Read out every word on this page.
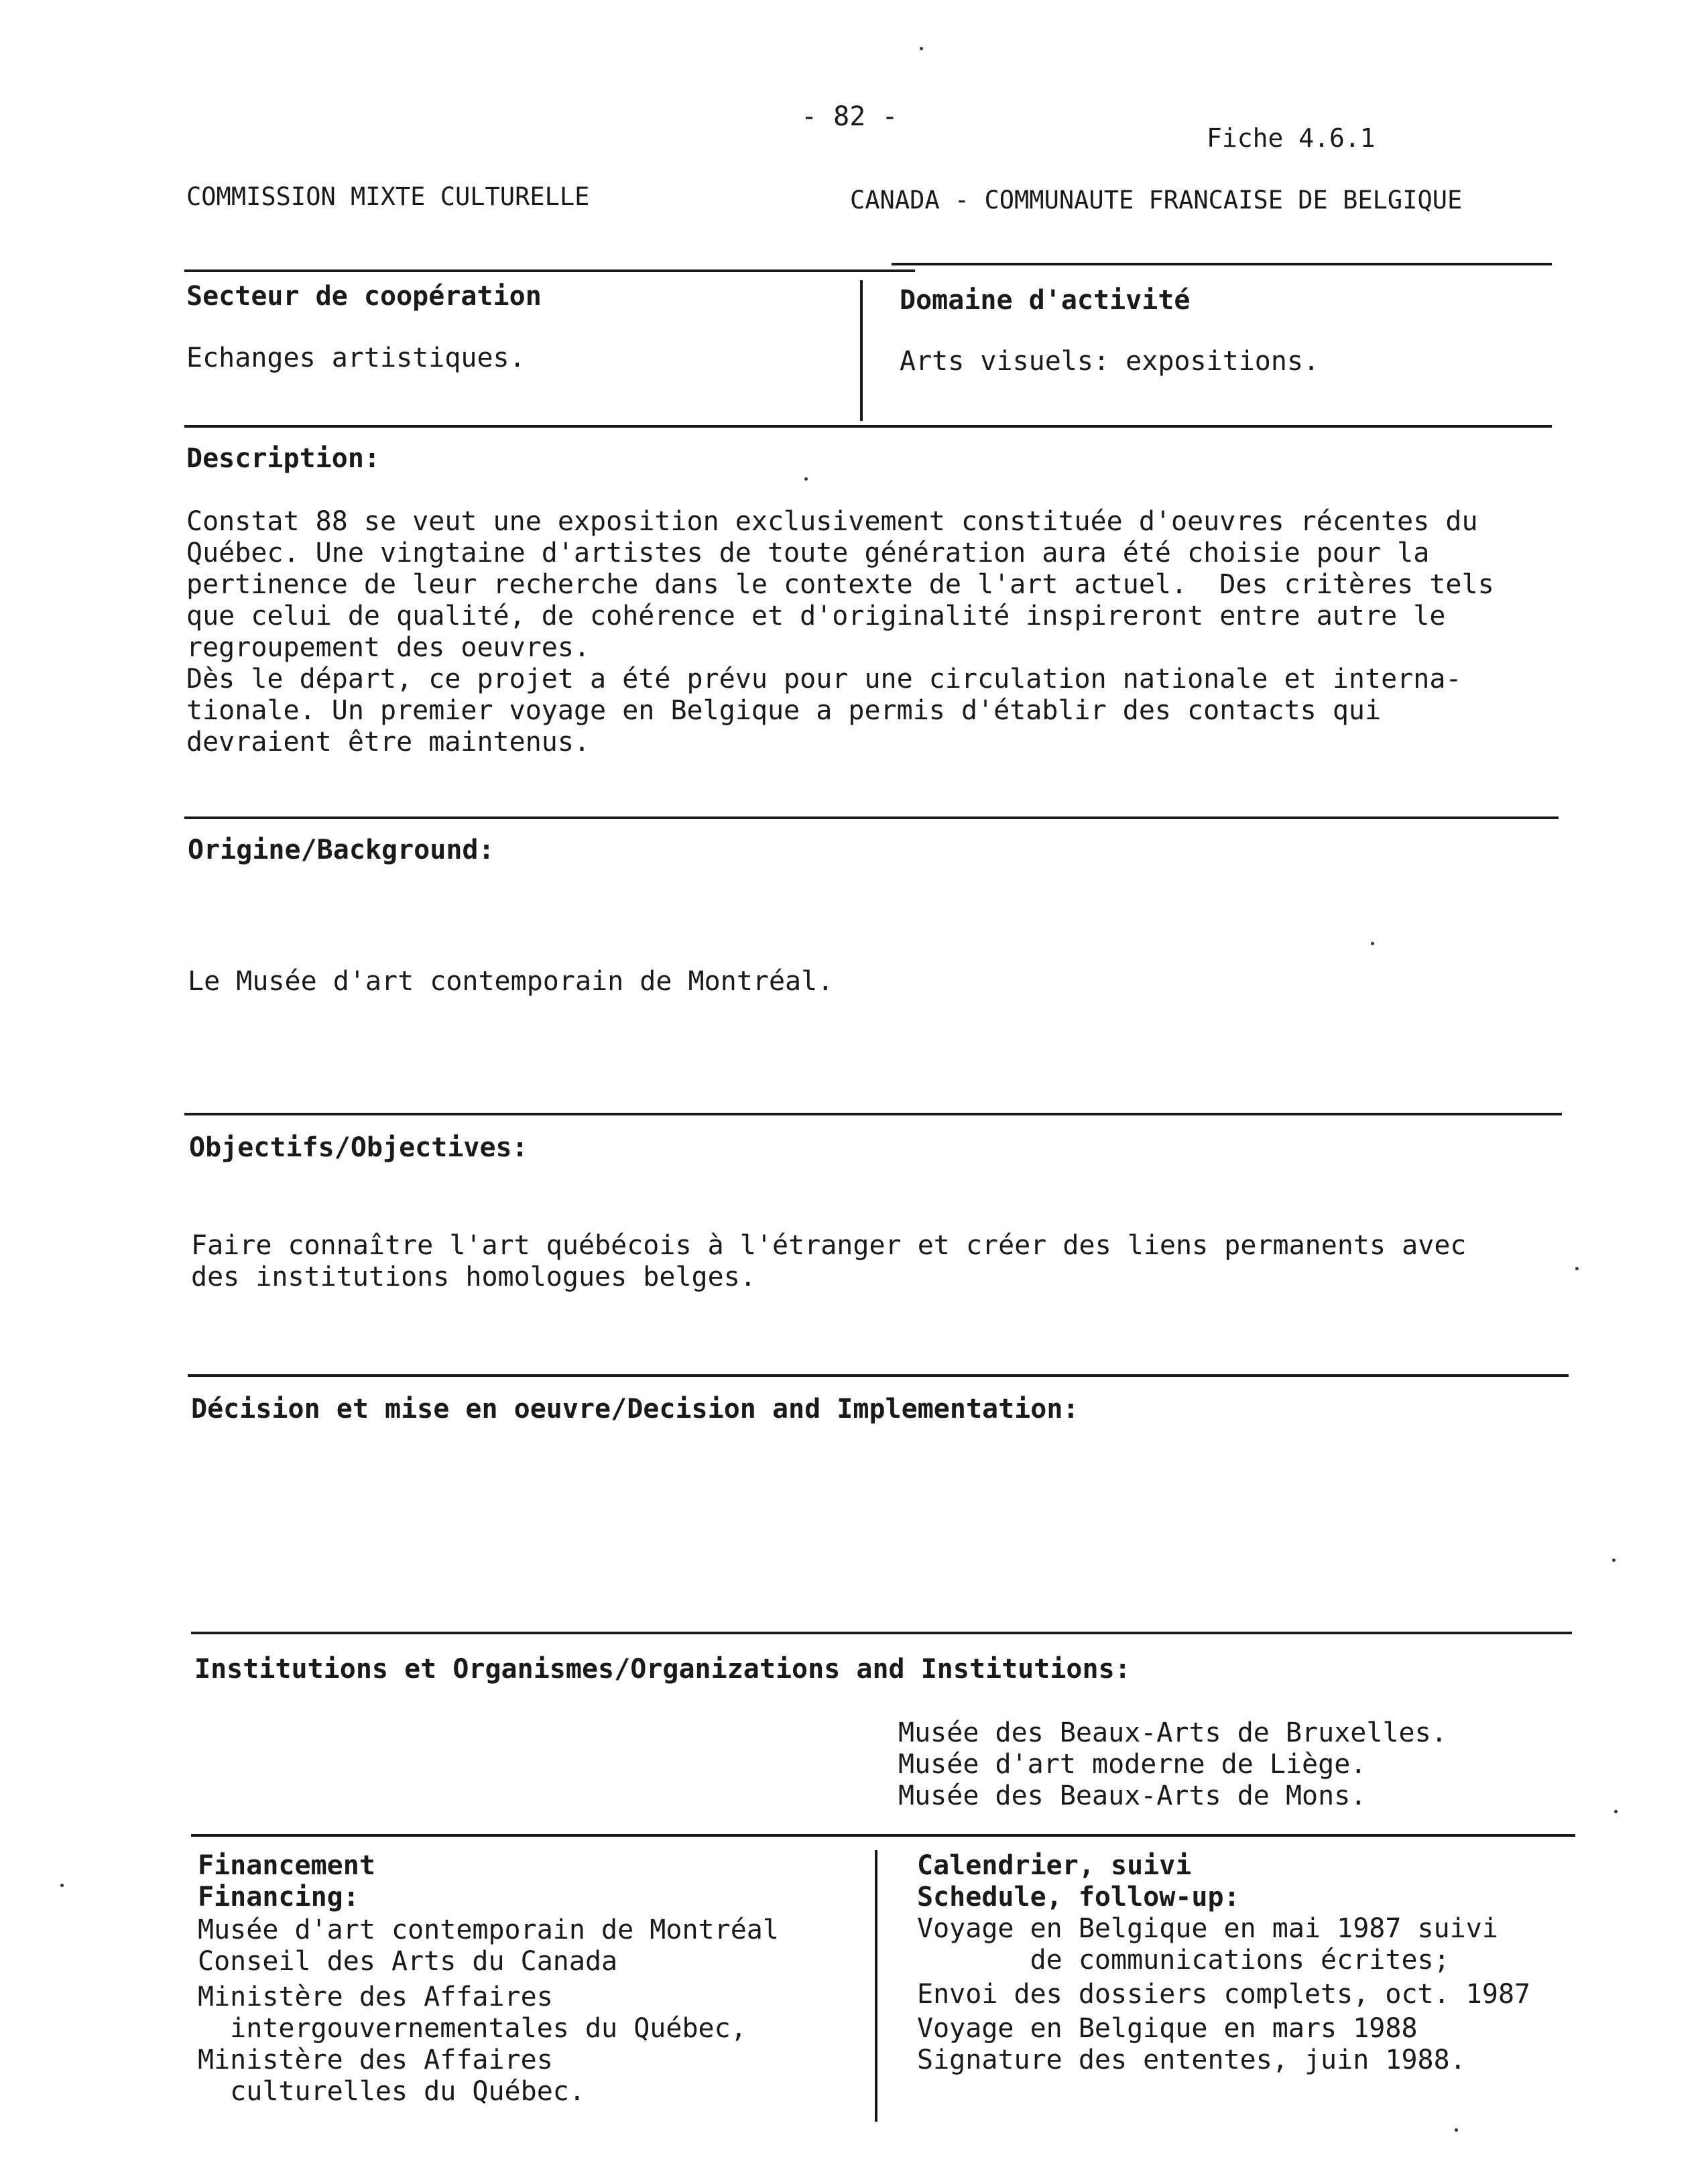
- 82 -
Fiche 4.6.1
COMMISSION MIXTE CULTURELLE	CANADA - COMMUNAUTE FRANCAISE DE BELGIQUE
Secteur de coopération
Echanges artistiques.
Domaine d'activité
Arts visuels: expositions.
Description:
Constat 88 se veut une exposition exclusivement constituée d'oeuvres récentes du
Québec. Une vingtaine d'artistes de toute génération aura été choisie pour la
pertinence de leur recherche dans le contexte de l'art actuel.  Des critères tels
que celui de qualité, de cohérence et d'originalité inspireront entre autre le
regroupement des oeuvres.
Dès le départ, ce projet a été prévu pour une circulation nationale et interna-
tionale. Un premier voyage en Belgique a permis d'établir des contacts qui
devraient être maintenus.
Origine/Background:
Le Musée d'art contemporain de Montréal.
Objectifs/Objectives:
Faire connaître l'art québécois à l'étranger et créer des liens permanents avec
des institutions homologues belges.
Décision et mise en oeuvre/Decision and Implementation:
Institutions et Organismes/Organizations and Institutions:
Musée des Beaux-Arts de Bruxelles.
Musée d'art moderne de Liège.
Musée des Beaux-Arts de Mons.
Financement
Financing:
Musée d'art contemporain de Montréal
Conseil des Arts du Canada
Ministère des Affaires
intergouvernementales du Québec,
Ministère des Affaires
culturelles du Québec.
Calendrier, suivi
Schedule, follow-up:
Voyage en Belgique en mai 1987 suivi
de communications écrites;
Envoi des dossiers complets, oct. 1987
Voyage en Belgique en mars 1988
Signature des ententes, juin 1988.
